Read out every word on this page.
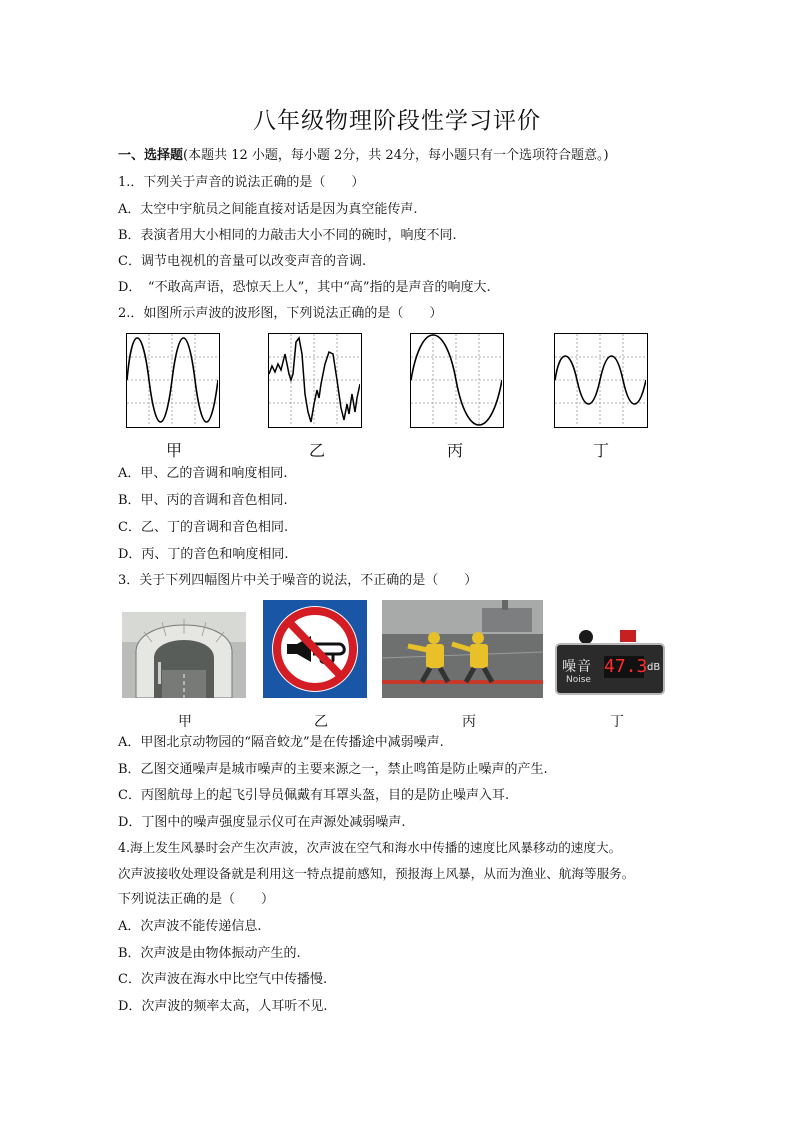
八年级物理阶段性学习评价
一、选择题(本题共 12 小题，每小题 2分，共 24分，每小题只有一个选项符合题意。)
1.．下列关于声音的说法正确的是（　　）
A．太空中宇航员之间能直接对话是因为真空能传声.
B．表演者用大小相同的力敲击大小不同的碗时，响度不同.
C．调节电视机的音量可以改变声音的音调.
D．　“不敢高声语，恐惊天上人”，其中“高”指的是声音的响度大.
2.．如图所示声波的波形图，下列说法正确的是（　　）
甲	乙	丙	丁
A．甲、乙的音调和响度相同.
B．甲、丙的音调和音色相同.
C．乙、丁的音调和音色相同.
D．丙、丁的音色和响度相同.
3．关于下列四幅图片中关于噪音的说法，不正确的是（　　）
噪音
Noise
47.3 dB
甲	乙	丙	丁
A．甲图北京动物园的“隔音蛟龙”是在传播途中减弱噪声.
B．乙图交通噪声是城市噪声的主要来源之一，禁止鸣笛是防止噪声的产生.
C．丙图航母上的起飞引导员佩戴有耳罩头盔，目的是防止噪声入耳.
D．丁图中的噪声强度显示仪可在声源处减弱噪声.
4.海上发生风暴时会产生次声波，次声波在空气和海水中传播的速度比风暴移动的速度大。
次声波接收处理设备就是利用这一特点提前感知，预报海上风暴，从而为渔业、航海等服务。
下列说法正确的是（　　）
A．次声波不能传递信息.
B．次声波是由物体振动产生的.
C．次声波在海水中比空气中传播慢.
D．次声波的频率太高，人耳听不见.
